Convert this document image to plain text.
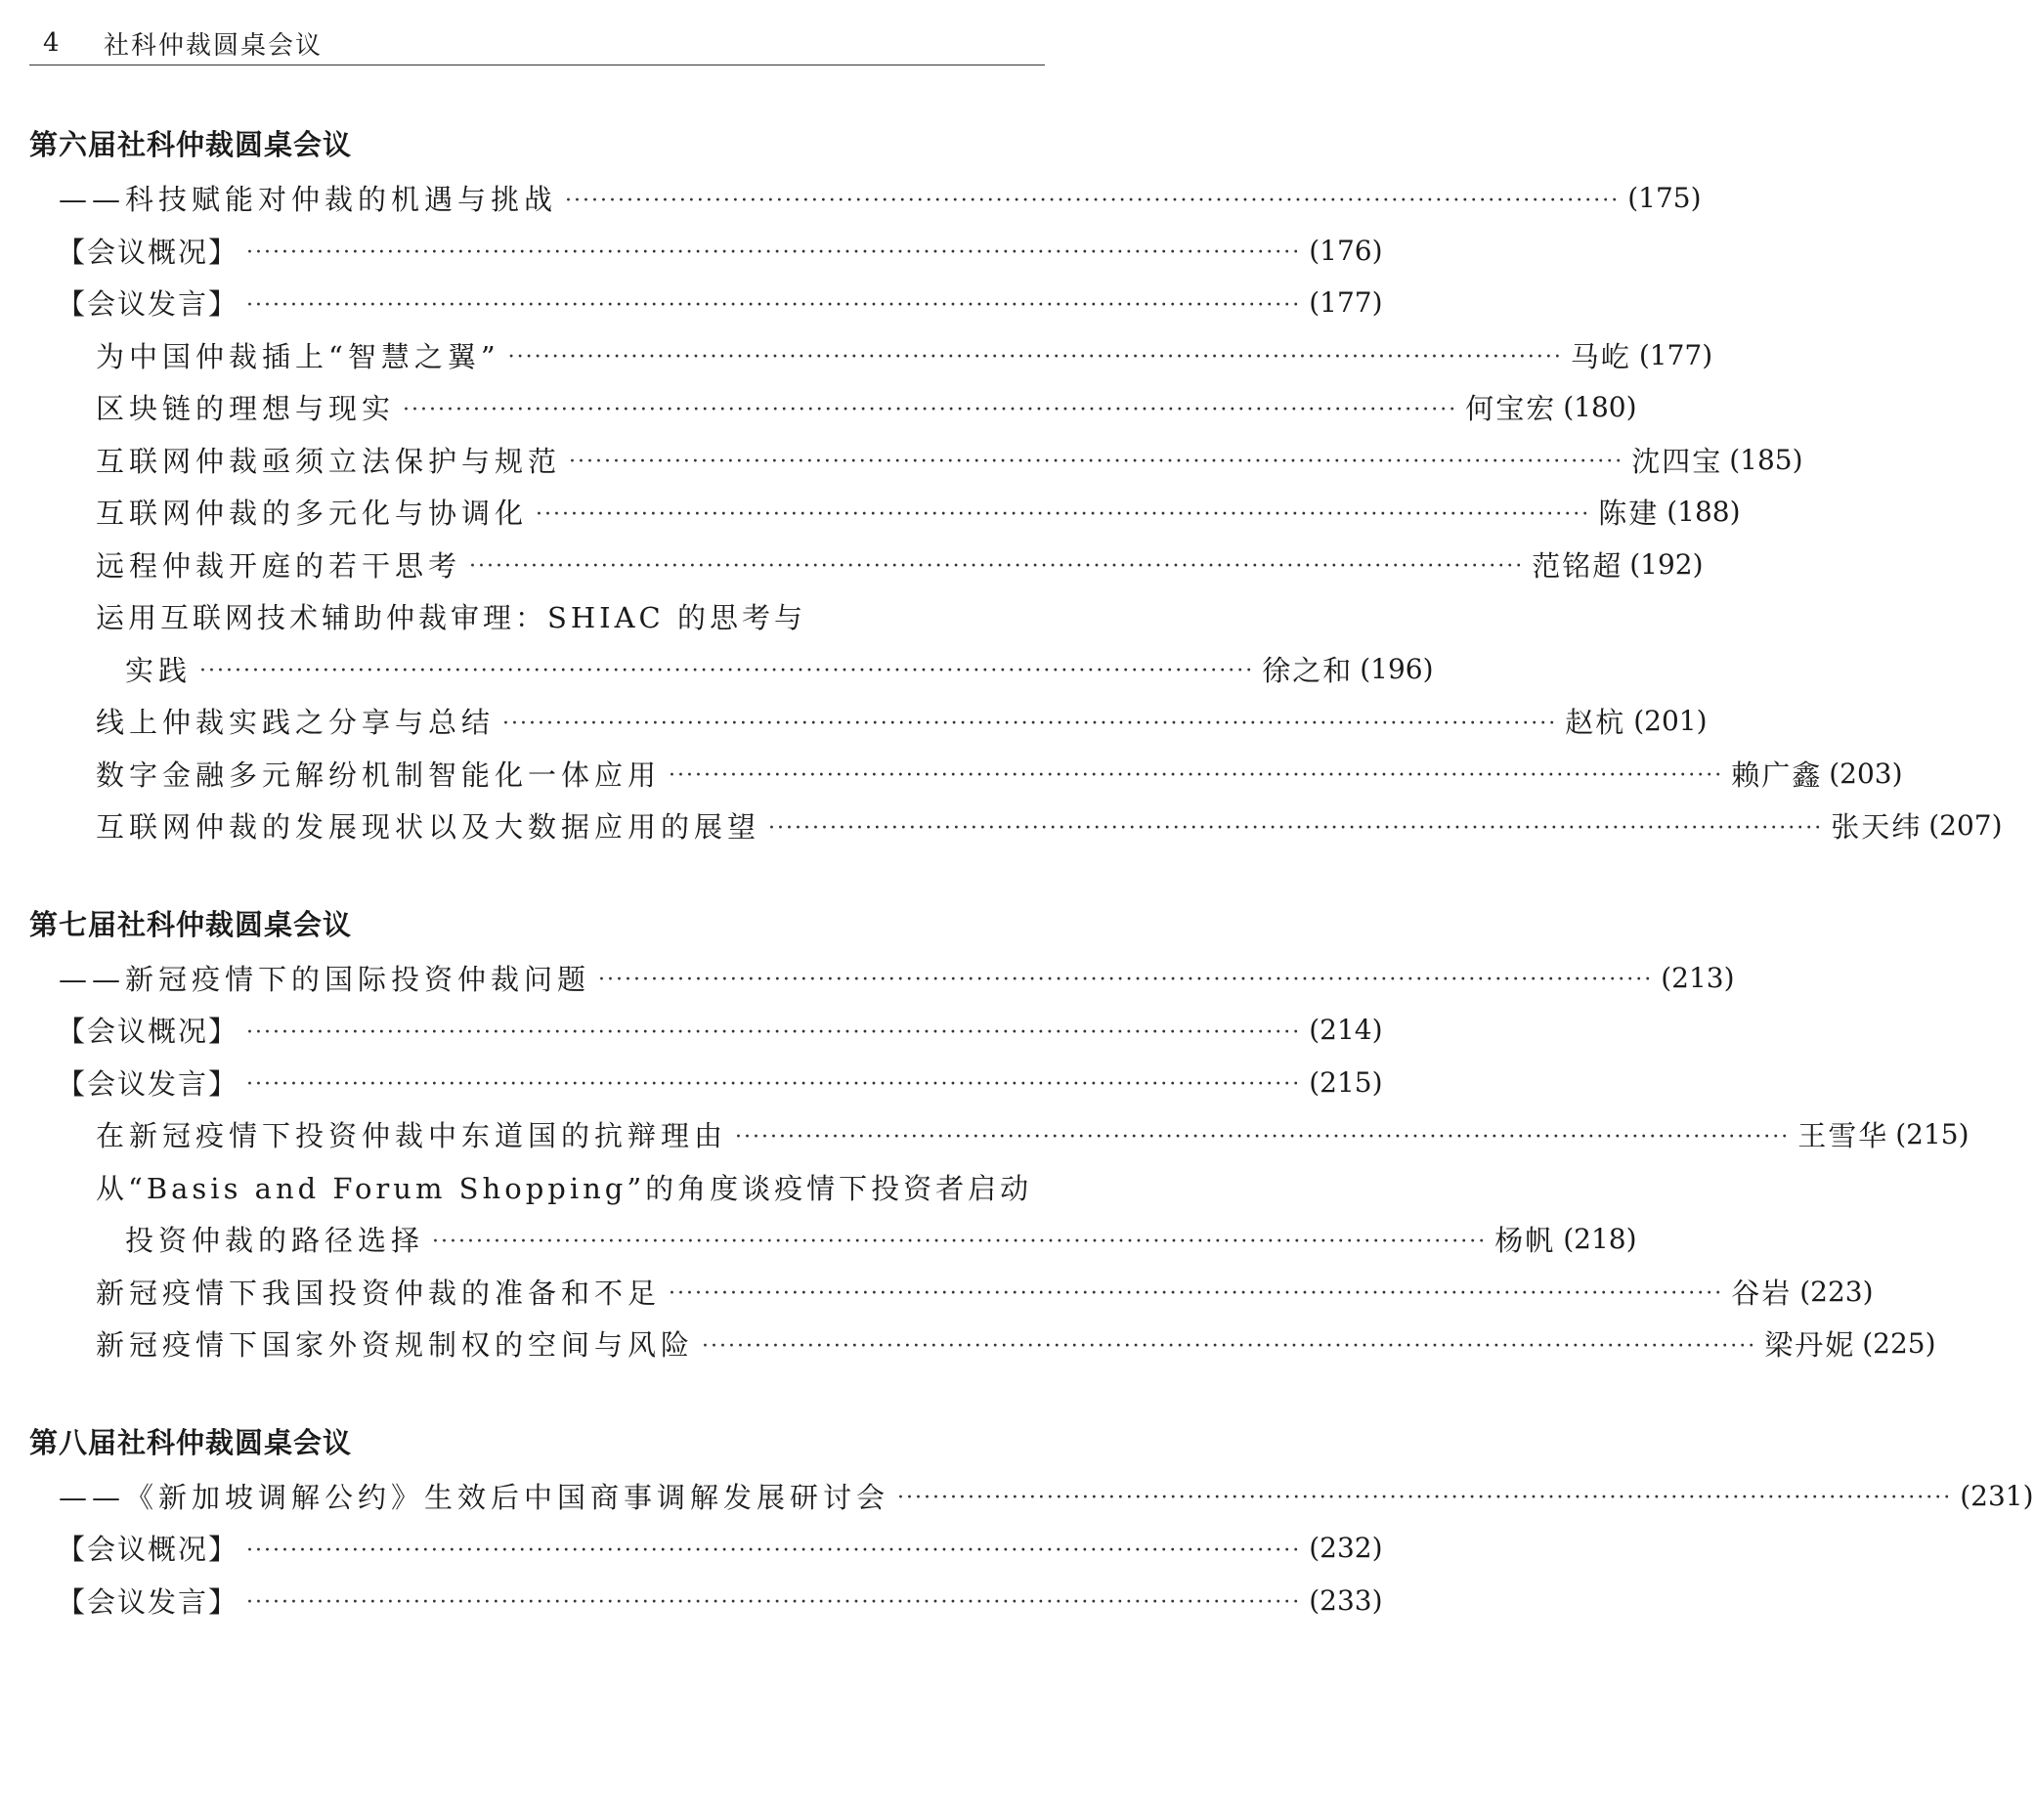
4	社科仲裁圆桌会议
第六届社科仲裁圆桌会议
——科技赋能对仲裁的机遇与挑战 ························································································································ (175)
【会议概况】 ························································································································ (176)
【会议发言】 ························································································································ (177)
为中国仲裁插上“智慧之翼” ························································································································ 马屹 (177)
区块链的理想与现实 ························································································································ 何宝宏 (180)
互联网仲裁亟须立法保护与规范 ························································································································ 沈四宝 (185)
互联网仲裁的多元化与协调化 ························································································································ 陈建 (188)
远程仲裁开庭的若干思考 ························································································································ 范铭超 (192)
运用互联网技术辅助仲裁审理：SHIAC 的思考与
实践 ························································································································ 徐之和 (196)
线上仲裁实践之分享与总结 ························································································································ 赵杭 (201)
数字金融多元解纷机制智能化一体应用 ························································································································ 赖广鑫 (203)
互联网仲裁的发展现状以及大数据应用的展望 ························································································································ 张天纬 (207)
第七届社科仲裁圆桌会议
——新冠疫情下的国际投资仲裁问题 ························································································································ (213)
【会议概况】 ························································································································ (214)
【会议发言】 ························································································································ (215)
在新冠疫情下投资仲裁中东道国的抗辩理由 ························································································································ 王雪华 (215)
从“Basis and Forum Shopping”的角度谈疫情下投资者启动
投资仲裁的路径选择 ························································································································ 杨帆 (218)
新冠疫情下我国投资仲裁的准备和不足 ························································································································ 谷岩 (223)
新冠疫情下国家外资规制权的空间与风险 ························································································································ 梁丹妮 (225)
第八届社科仲裁圆桌会议
——《新加坡调解公约》生效后中国商事调解发展研讨会 ························································································································ (231)
【会议概况】 ························································································································ (232)
【会议发言】 ························································································································ (233)
